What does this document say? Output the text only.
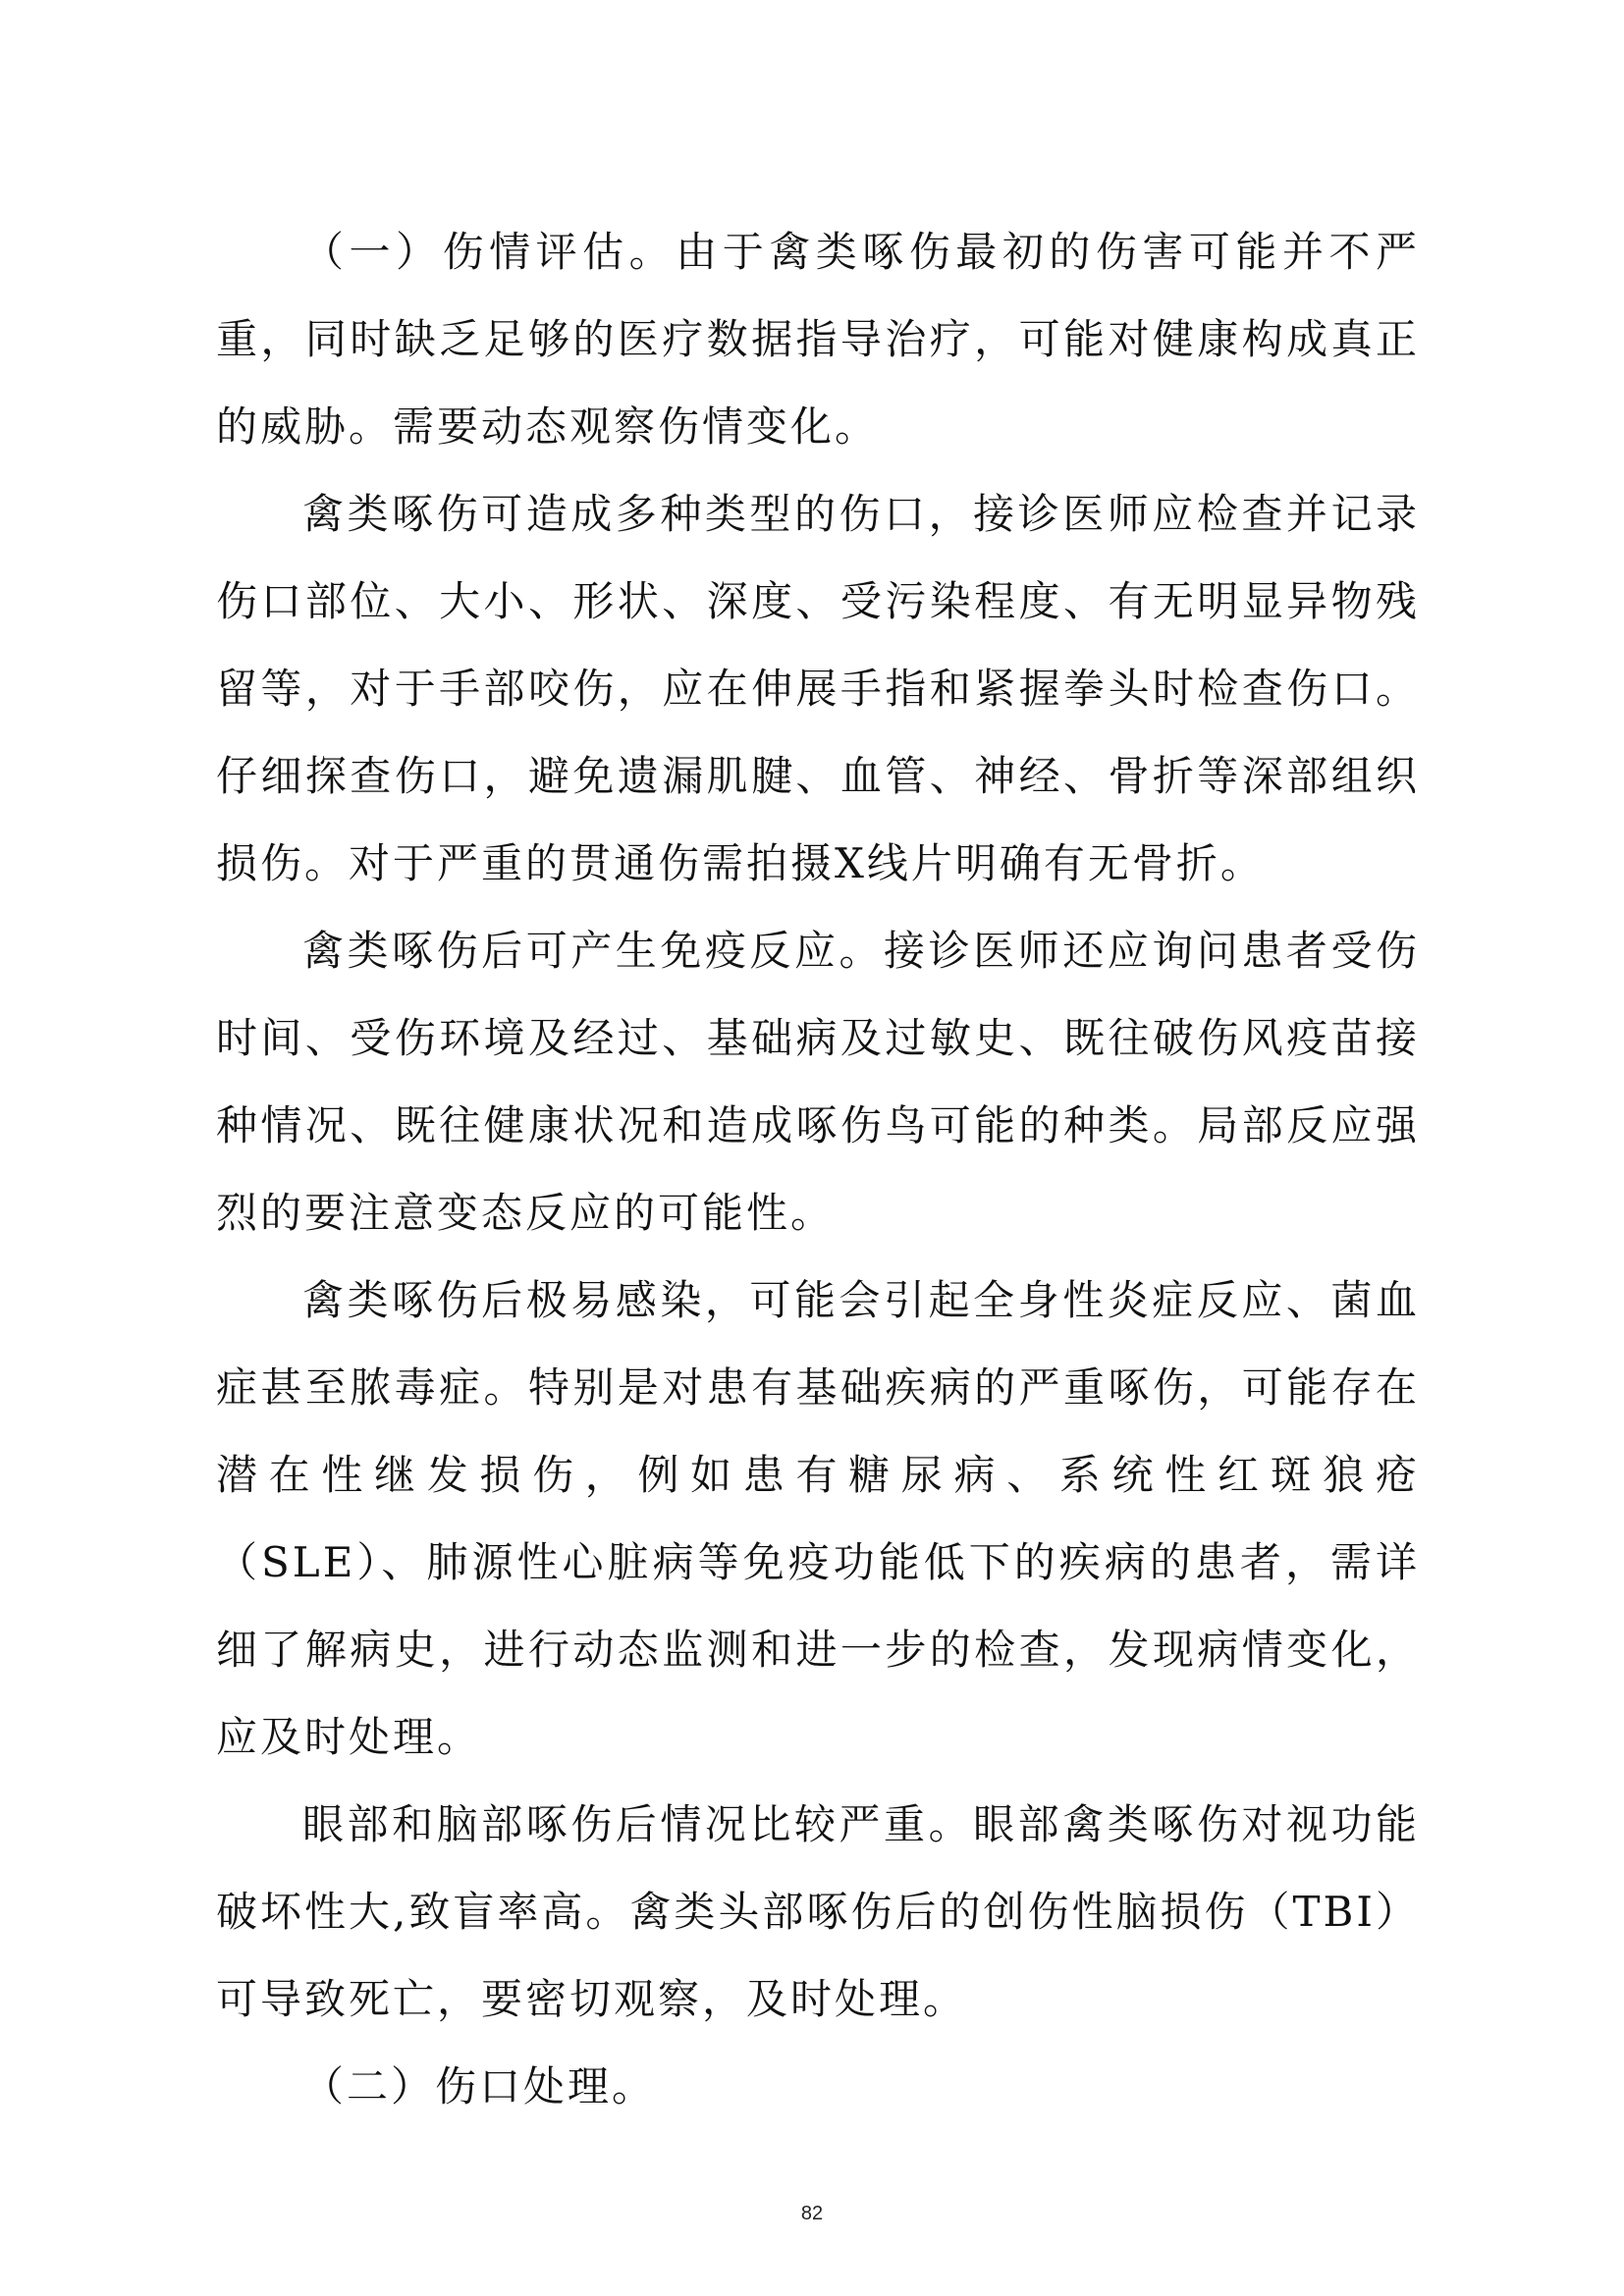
（一）伤情评估。由于禽类啄伤最初的伤害可能并不严重，同时缺乏足够的医疗数据指导治疗，可能对健康构成真正的威胁。需要动态观察伤情变化。

禽类啄伤可造成多种类型的伤口，接诊医师应检查并记录伤口部位、大小、形状、深度、受污染程度、有无明显异物残留等，对于手部咬伤，应在伸展手指和紧握拳头时检查伤口。仔细探查伤口，避免遗漏肌腱、血管、神经、骨折等深部组织损伤。对于严重的贯通伤需拍摄X线片明确有无骨折。

禽类啄伤后可产生免疫反应。接诊医师还应询问患者受伤时间、受伤环境及经过、基础病及过敏史、既往破伤风疫苗接种情况、既往健康状况和造成啄伤鸟可能的种类。局部反应强烈的要注意变态反应的可能性。

禽类啄伤后极易感染，可能会引起全身性炎症反应、菌血症甚至脓毒症。特别是对患有基础疾病的严重啄伤，可能存在潜在性继发损伤，例如患有糖尿病、系统性红斑狼疮（SLE）、肺源性心脏病等免疫功能低下的疾病的患者，需详细了解病史，进行动态监测和进一步的检查，发现病情变化，应及时处理。

眼部和脑部啄伤后情况比较严重。眼部禽类啄伤对视功能破坏性大,致盲率高。禽类头部啄伤后的创伤性脑损伤（TBI）可导致死亡，要密切观察，及时处理。

（二）伤口处理。

82
